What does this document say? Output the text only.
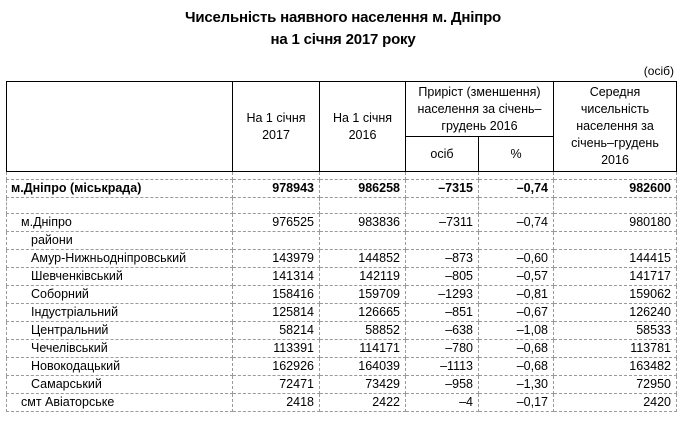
Чисельність наявного населення м. Дніпро
на 1 січня 2017 року
(осіб)
	На 1 січня 2017	На 1 січня 2016	Приріст (зменшення) населення за січень–грудень 2016		Середня чисельність населення за січень–грудень 2016
			осіб	%	

м.Дніпро (міськрада)	978943	986258	–7315	–0,74	982600

м.Дніпро	976525	983836	–7311	–0,74	980180
райони					
Амур-Нижньодніпровський	143979	144852	–873	–0,60	144415
Шевченківський	141314	142119	–805	–0,57	141717
Соборний	158416	159709	–1293	–0,81	159062
Індустріальний	125814	126665	–851	–0,67	126240
Центральний	58214	58852	–638	–1,08	58533
Чечелівський	113391	114171	–780	–0,68	113781
Новокодацький	162926	164039	–1113	–0,68	163482
Самарський	72471	73429	–958	–1,30	72950
смт Авіаторське	2418	2422	–4	–0,17	2420
